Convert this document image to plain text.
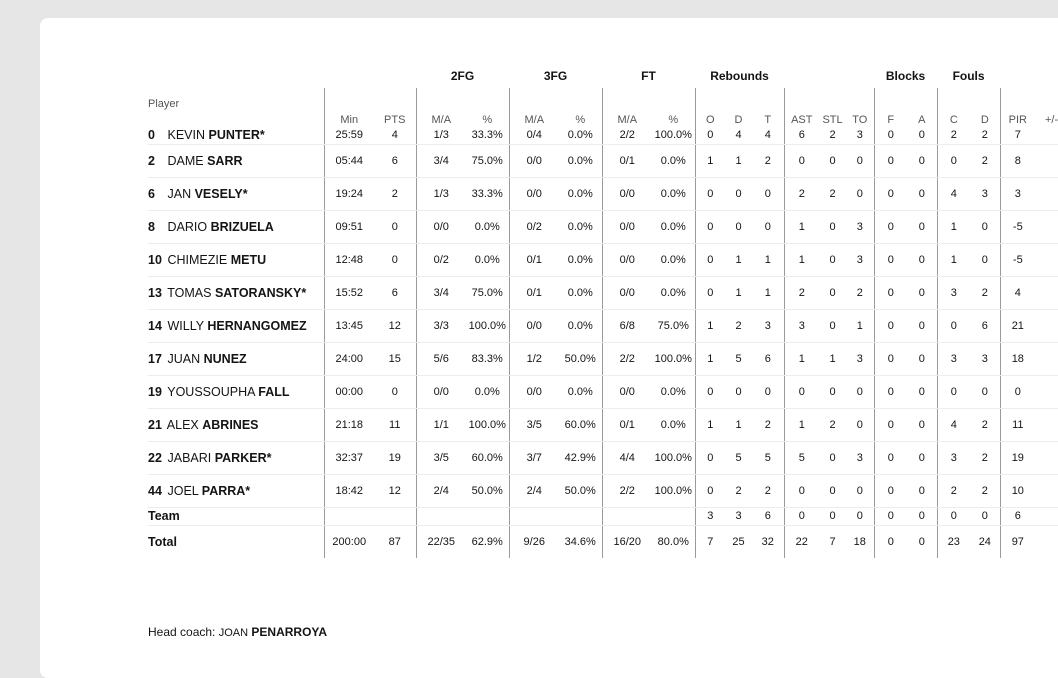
			2FG		3FG		FT		Rebounds						Blocks		Fouls			
Player	Min	PTS	M/A	%	M/A	%	M/A	%	O	D	T	AST	STL	TO	F	A	C	D	PIR	+/-
0 KEVIN PUNTER*	25:59	4	1/3	33.3%	0/4	0.0%	2/2	100.0%	0	4	4	6	2	3	0	0	2	2	7	
2 DAME SARR	05:44	6	3/4	75.0%	0/0	0.0%	0/1	0.0%	1	1	2	0	0	0	0	0	0	2	8	
6 JAN VESELY*	19:24	2	1/3	33.3%	0/0	0.0%	0/0	0.0%	0	0	0	2	2	0	0	0	4	3	3	
8 DARIO BRIZUELA	09:51	0	0/0	0.0%	0/2	0.0%	0/0	0.0%	0	0	0	1	0	3	0	0	1	0	-5	
10 CHIMEZIE METU	12:48	0	0/2	0.0%	0/1	0.0%	0/0	0.0%	0	1	1	1	0	3	0	0	1	0	-5	
13 TOMAS SATORANSKY*	15:52	6	3/4	75.0%	0/1	0.0%	0/0	0.0%	0	1	1	2	0	2	0	0	3	2	4	
14 WILLY HERNANGOMEZ	13:45	12	3/3	100.0%	0/0	0.0%	6/8	75.0%	1	2	3	3	0	1	0	0	0	6	21	
17 JUAN NUNEZ	24:00	15	5/6	83.3%	1/2	50.0%	2/2	100.0%	1	5	6	1	1	3	0	0	3	3	18	
19 YOUSSOUPHA FALL	00:00	0	0/0	0.0%	0/0	0.0%	0/0	0.0%	0	0	0	0	0	0	0	0	0	0	0	
21 ALEX ABRINES	21:18	11	1/1	100.0%	3/5	60.0%	0/1	0.0%	1	1	2	1	2	0	0	0	4	2	11	
22 JABARI PARKER*	32:37	19	3/5	60.0%	3/7	42.9%	4/4	100.0%	0	5	5	5	0	3	0	0	3	2	19	
44 JOEL PARRA*	18:42	12	2/4	50.0%	2/4	50.0%	2/2	100.0%	0	2	2	0	0	0	0	0	2	2	10	
Team									3	3	6	0	0	0	0	0	0	0	6	
Total	200:00	87	22/35	62.9%	9/26	34.6%	16/20	80.0%	7	25	32	22	7	18	0	0	23	24	97	
Head coach: JOAN PENARROYA
